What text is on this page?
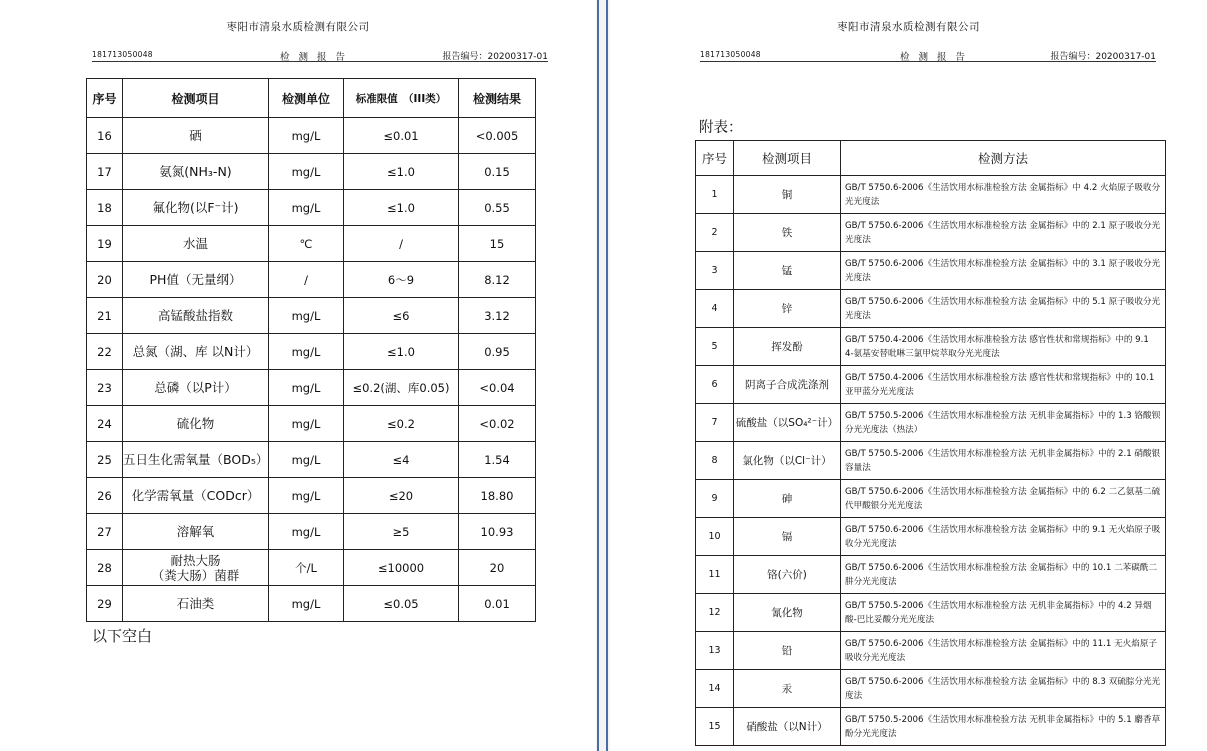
枣阳市清泉水质检测有限公司
181713050048	检 测 报 告	报告编号：20200317-01
序号	检测项目	检测单位	标准限值　（III类）	检测结果
16	硒	mg/L	≤0.01	<0.005
17	氨氮(NH₃-N)	mg/L	≤1.0	0.15
18	氟化物(以F⁻计)	mg/L	≤1.0	0.55
19	水温	℃	/	15
20	PH值（无量纲）	/	6～9	8.12
21	高锰酸盐指数	mg/L	≤6	3.12
22	总氮（湖、库 以N计）	mg/L	≤1.0	0.95
23	总磷（以P计）	mg/L	≤0.2(湖、库0.05)	<0.04
24	硫化物	mg/L	≤0.2	<0.02
25	五日生化需氧量（BOD₅）	mg/L	≤4	1.54
26	化学需氧量（CODcr）	mg/L	≤20	18.80
27	溶解氧	mg/L	≥5	10.93
28	耐热大肠
（粪大肠）菌群	个/L	≤10000	20
29	石油类	mg/L	≤0.05	0.01
以下空白
枣阳市清泉水质检测有限公司
181713050048	检 测 报 告	报告编号：20200317-01
附表：
序号	检测项目	检测方法
1	铜	GB/T 5750.6-2006《生活饮用水标准检验方法 金属指标》中 4.2 火焰原子吸收分光光度法
2	铁	GB/T 5750.6-2006《生活饮用水标准检验方法 金属指标》中的 2.1 原子吸收分光光度法
3	锰	GB/T 5750.6-2006《生活饮用水标准检验方法 金属指标》中的 3.1 原子吸收分光光度法
4	锌	GB/T 5750.6-2006《生活饮用水标准检验方法 金属指标》中的 5.1 原子吸收分光光度法
5	挥发酚	GB/T 5750.4-2006《生活饮用水标准检验方法 感官性状和常规指标》中的 9.1　4-氨基安替吡啉三氯甲烷萃取分光光度法
6	阴离子合成洗涤剂	GB/T 5750.4-2006《生活饮用水标准检验方法 感官性状和常规指标》中的 10.1 亚甲蓝分光光度法
7	硫酸盐（以SO₄²⁻计）	GB/T 5750.5-2006《生活饮用水标准检验方法 无机非金属指标》中的 1.3 铬酸钡分光光度法（热法）
8	氯化物（以Cl⁻计）	GB/T 5750.5-2006《生活饮用水标准检验方法 无机非金属指标》中的 2.1 硝酸银容量法
9	砷	GB/T 5750.6-2006《生活饮用水标准检验方法 金属指标》中的 6.2 二乙氨基二硫代甲酸银分光光度法
10	镉	GB/T 5750.6-2006《生活饮用水标准检验方法 金属指标》中的 9.1 无火焰原子吸收分光光度法
11	铬(六价)	GB/T 5750.6-2006《生活饮用水标准检验方法 金属指标》中的 10.1 二苯碳酰二肼分光光度法
12	氰化物	GB/T 5750.5-2006《生活饮用水标准检验方法 无机非金属指标》中的 4.2 异烟酸-巴比妥酸分光光度法
13	铅	GB/T 5750.6-2006《生活饮用水标准检验方法 金属指标》中的 11.1 无火焰原子吸收分光光度法
14	汞	GB/T 5750.6-2006《生活饮用水标准检验方法 金属指标》中的 8.3 双硫腙分光光度法
15	硝酸盐（以N计）	GB/T 5750.5-2006《生活饮用水标准检验方法 无机非金属指标》中的 5.1 麝香草酚分光光度法
